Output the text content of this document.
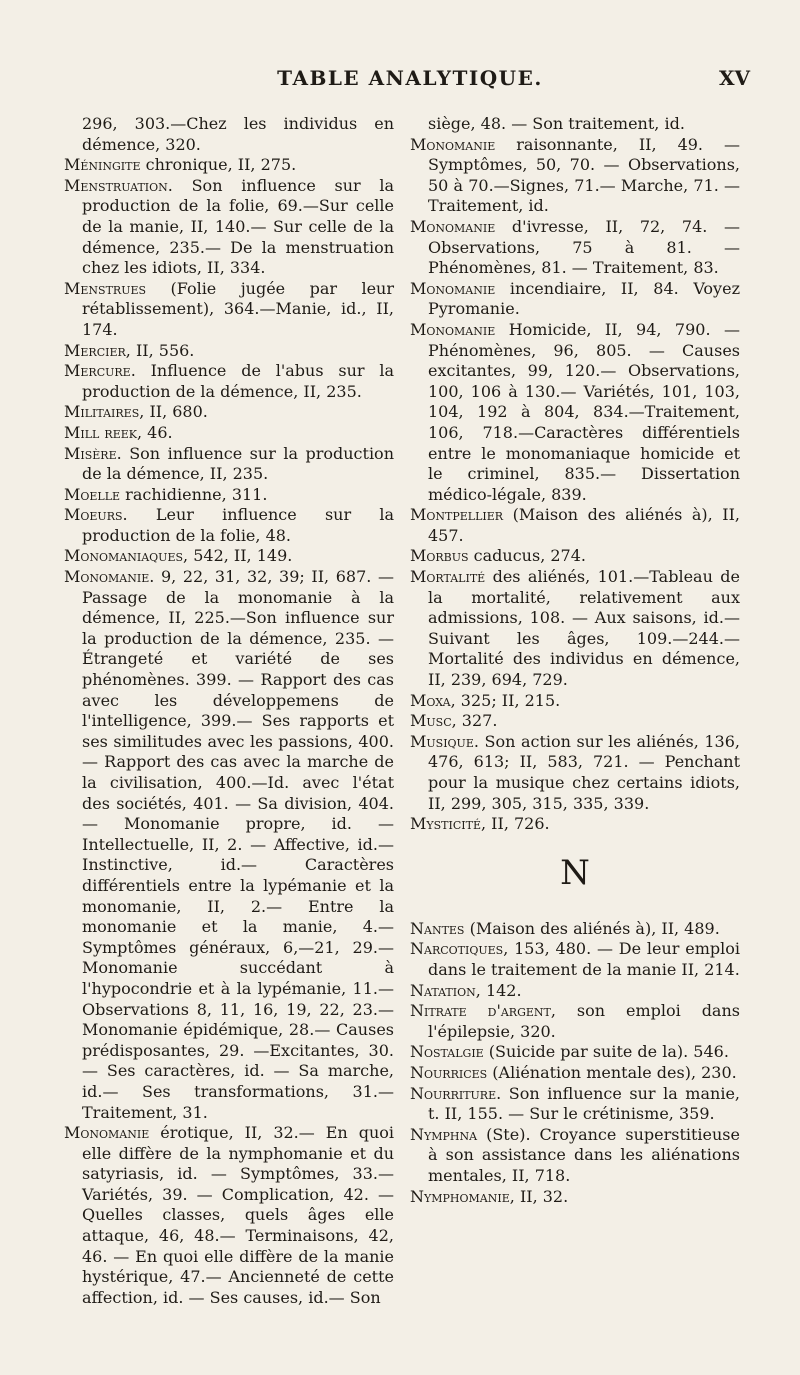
TABLE ANALYTIQUE.	XV

296, 303.—Chez les individus en démence, 320.

Méningite chronique, II, 275.

Menstruation. Son influence sur la production de la folie, 69.—Sur celle de la manie, II, 140.— Sur celle de la démence, 235.— De la menstruation chez les idiots, II, 334.

Menstrues (Folie jugée par leur rétablissement), 364.—Manie, id., II, 174.

Mercier, II, 556.

Mercure. Influence de l'abus sur la production de la démence, II, 235.

Militaires, II, 680.

Mill reek, 46.

Misère. Son influence sur la production de la démence, II, 235.

Moelle rachidienne, 311.

Moeurs. Leur influence sur la production de la folie, 48.

Monomaniaques, 542, II, 149.

Monomanie. 9, 22, 31, 32, 39; II, 687. —Passage de la monomanie à la démence, II, 225.—Son influence sur la production de la démence, 235. — Étrangeté et variété de ses phénomènes. 399. — Rapport des cas avec les développemens de l'intelligence, 399.— Ses rapports et ses similitudes avec les passions, 400.— Rapport des cas avec la marche de la civilisation, 400.—Id. avec l'état des sociétés, 401. — Sa division, 404.— Monomanie propre, id. —Intellectuelle, II, 2. — Affective, id.— Instinctive, id.— Caractères différentiels entre la lypémanie et la monomanie, II, 2.— Entre la monomanie et la manie, 4.—Symptômes généraux, 6,—21, 29.— Monomanie succédant à l'hypocondrie et à la lypémanie, 11.—Observations 8, 11, 16, 19, 22, 23.—Monomanie épidémique, 28.— Causes prédisposantes, 29. —Excitantes, 30.— Ses caractères, id. — Sa marche, id.— Ses transformations, 31.— Traitement, 31.

Monomanie érotique, II, 32.— En quoi elle diffère de la nymphomanie et du satyriasis, id. — Symptômes, 33.— Variétés, 39. — Complication, 42. — Quelles classes, quels âges elle attaque, 46, 48.— Terminaisons, 42, 46. — En quoi elle diffère de la manie hystérique, 47.— Ancienneté de cette affection, id. — Ses causes, id.— Son

siège, 48. — Son traitement, id.

Monomanie raisonnante, II, 49. — Symptômes, 50, 70. — Observations, 50 à 70.—Signes, 71.— Marche, 71. — Traitement, id.

Monomanie d'ivresse, II, 72, 74. — Observations, 75 à 81. — Phénomènes, 81. — Traitement, 83.

Monomanie incendiaire, II, 84. Voyez Pyromanie.

Monomanie Homicide, II, 94, 790. — Phénomènes, 96, 805. — Causes excitantes, 99, 120.— Observations, 100, 106 à 130.— Variétés, 101, 103, 104, 192 à 804, 834.—Traitement, 106, 718.—Caractères différentiels entre le monomaniaque homicide et le criminel, 835.— Dissertation médico-légale, 839.

Montpellier (Maison des aliénés à), II, 457.

Morbus caducus, 274.

Mortalité des aliénés, 101.—Tableau de la mortalité, relativement aux admissions, 108. — Aux saisons, id.— Suivant les âges, 109.—244.— Mortalité des individus en démence, II, 239, 694, 729.

Moxa, 325; II, 215.

Musc, 327.

Musique. Son action sur les aliénés, 136, 476, 613; II, 583, 721. — Penchant pour la musique chez certains idiots, II, 299, 305, 315, 335, 339.

Mysticité, II, 726.

N

Nantes (Maison des aliénés à), II, 489.

Narcotiques, 153, 480. — De leur emploi dans le traitement de la manie II, 214.

Natation, 142.

Nitrate d'argent, son emploi dans l'épilepsie, 320.

Nostalgie (Suicide par suite de la). 546.

Nourrices (Aliénation mentale des), 230.

Nourriture. Son influence sur la manie, t. II, 155. — Sur le crétinisme, 359.

Nymphna (Ste). Croyance superstitieuse à son assistance dans les aliénations mentales, II, 718.

Nymphomanie, II, 32.
